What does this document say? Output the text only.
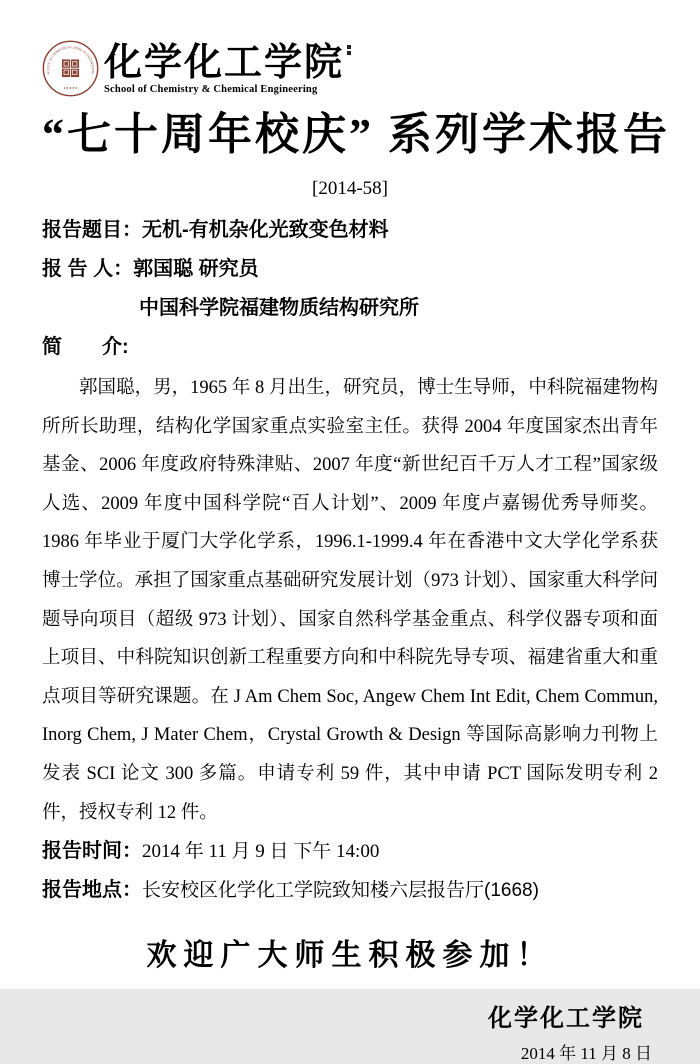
SCHOOL OF CHEMISTRY & CHEMICAL ENGINEERING
★★★★★
化学化工学院
School of Chemistry & Chemical Engineering
“七十周年校庆” 系列学术报告
[2014-58]
报告题目：无机-有机杂化光致变色材料
报 告 人：郭国聪 研究员
中国科学院福建物质结构研究所
简　　介:

郭国聪，男，1965 年 8 月出生，研究员，博士生导师，中科院福建物构所所长助理，结构化学国家重点实验室主任。获得 2004 年度国家杰出青年基金、2006 年度政府特殊津贴、2007 年度“新世纪百千万人才工程”国家级人选、2009 年度中国科学院“百人计划”、2009 年度卢嘉锡优秀导师奖。1986 年毕业于厦门大学化学系，1996.1-1999.4 年在香港中文大学化学系获博士学位。承担了国家重点基础研究发展计划（973 计划）、国家重大科学问题导向项目（超级 973 计划）、国家自然科学基金重点、科学仪器专项和面上项目、中科院知识创新工程重要方向和中科院先导专项、福建省重大和重点项目等研究课题。在 J Am Chem Soc, Angew Chem Int Edit, Chem Commun, Inorg Chem, J Mater Chem，Crystal Growth & Design 等国际高影响力刊物上发表 SCI 论文 300 多篇。申请专利 59 件，其中申请 PCT 国际发明专利 2 件，授权专利 12 件。

报告时间：2014 年 11 月 9 日 下午 14:00
报告地点：长安校区化学化工学院致知楼六层报告厅(1668)
欢迎广大师生积极参加！
化学化工学院
2014 年 11 月 8 日
